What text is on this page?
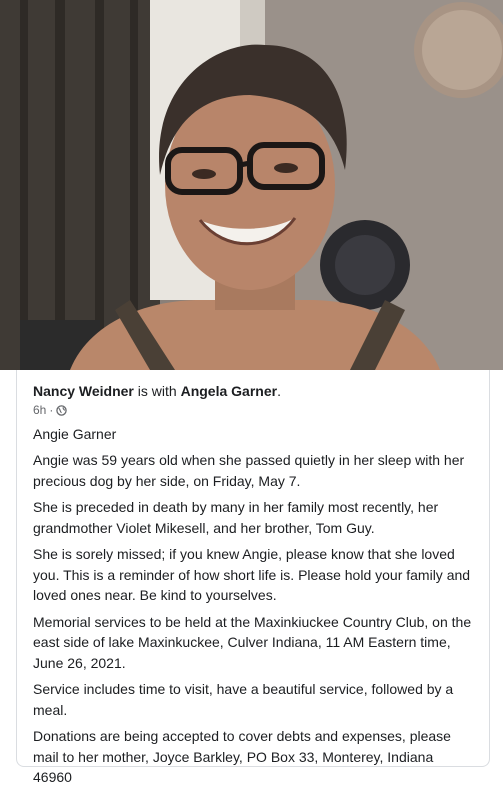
Nancy Weidner is with Angela Garner.
6h ·
Angie Garner
Angie was 59 years old when she passed quietly in her sleep with her precious dog by her side, on Friday, May 7.
She is preceded in death by many in her family most recently, her grandmother Violet Mikesell, and her brother, Tom Guy.
She is sorely missed; if you knew Angie, please know that she loved you. This is a reminder of how short life is. Please hold your family and loved ones near. Be kind to yourselves.
Memorial services to be held at the Maxinkiuckee Country Club, on the east side of lake Maxinkuckee, Culver Indiana, 11 AM Eastern time, June 26, 2021.
Service includes time to visit, have a beautiful service, followed by a meal.
Donations are being accepted to cover debts and expenses, please mail to her mother, Joyce Barkley, PO Box 33, Monterey, Indiana 46960
